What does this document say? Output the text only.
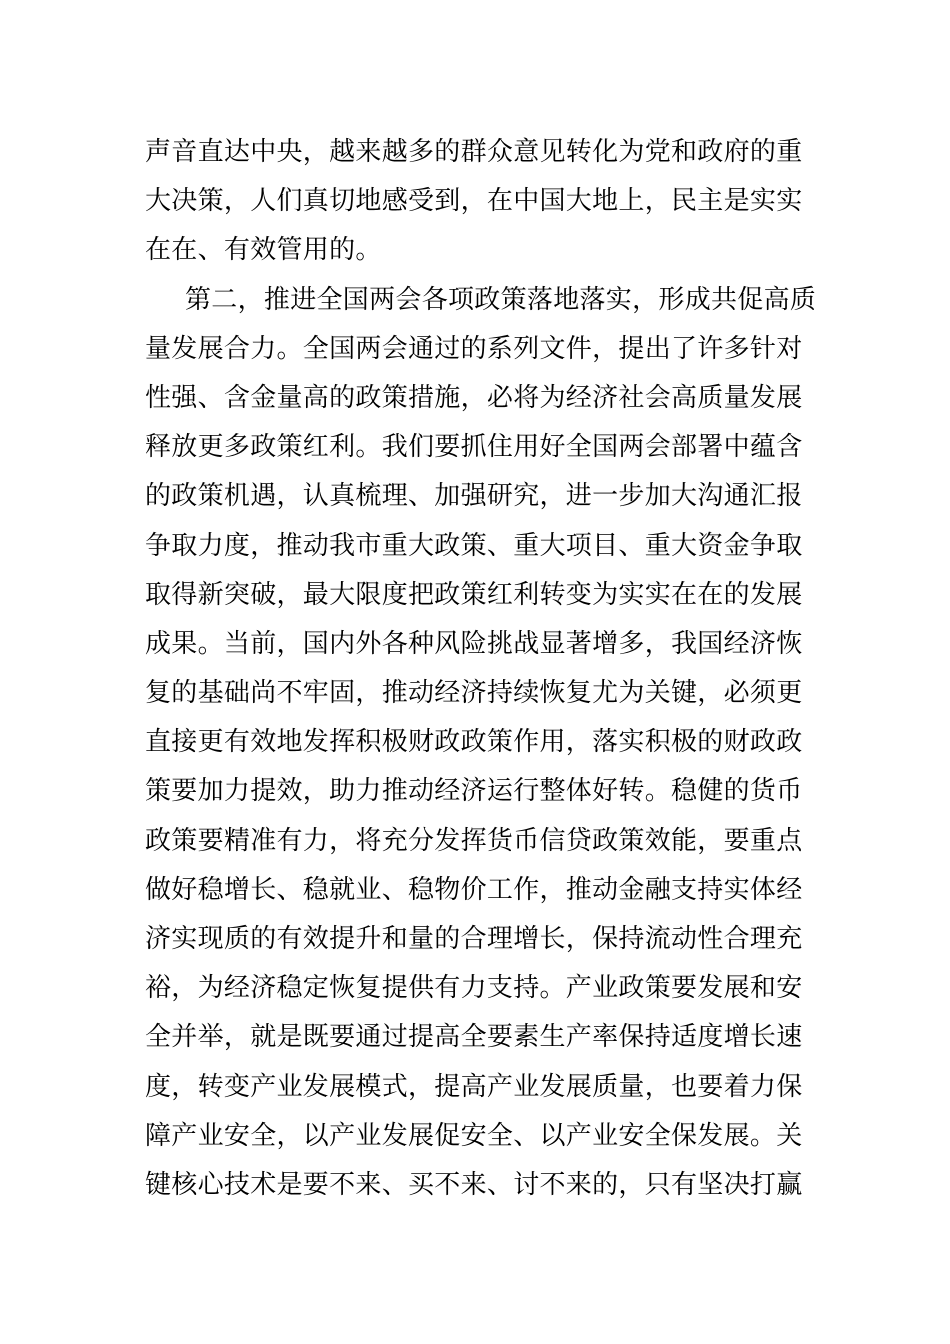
声音直达中央，越来越多的群众意见转化为党和政府的重
大决策，人们真切地感受到，在中国大地上，民主是实实
在在、有效管用的。
第二，推进全国两会各项政策落地落实，形成共促高质
量发展合力。全国两会通过的系列文件，提出了许多针对
性强、含金量高的政策措施，必将为经济社会高质量发展
释放更多政策红利。我们要抓住用好全国两会部署中蕴含
的政策机遇，认真梳理、加强研究，进一步加大沟通汇报
争取力度，推动我市重大政策、重大项目、重大资金争取
取得新突破，最大限度把政策红利转变为实实在在的发展
成果。当前，国内外各种风险挑战显著增多，我国经济恢
复的基础尚不牢固，推动经济持续恢复尤为关键，必须更
直接更有效地发挥积极财政政策作用，落实积极的财政政
策要加力提效，助力推动经济运行整体好转。稳健的货币
政策要精准有力，将充分发挥货币信贷政策效能，要重点
做好稳增长、稳就业、稳物价工作，推动金融支持实体经
济实现质的有效提升和量的合理增长，保持流动性合理充
裕，为经济稳定恢复提供有力支持。产业政策要发展和安
全并举，就是既要通过提高全要素生产率保持适度增长速
度，转变产业发展模式，提高产业发展质量，也要着力保
障产业安全，以产业发展促安全、以产业安全保发展。关
键核心技术是要不来、买不来、讨不来的，只有坚决打赢
